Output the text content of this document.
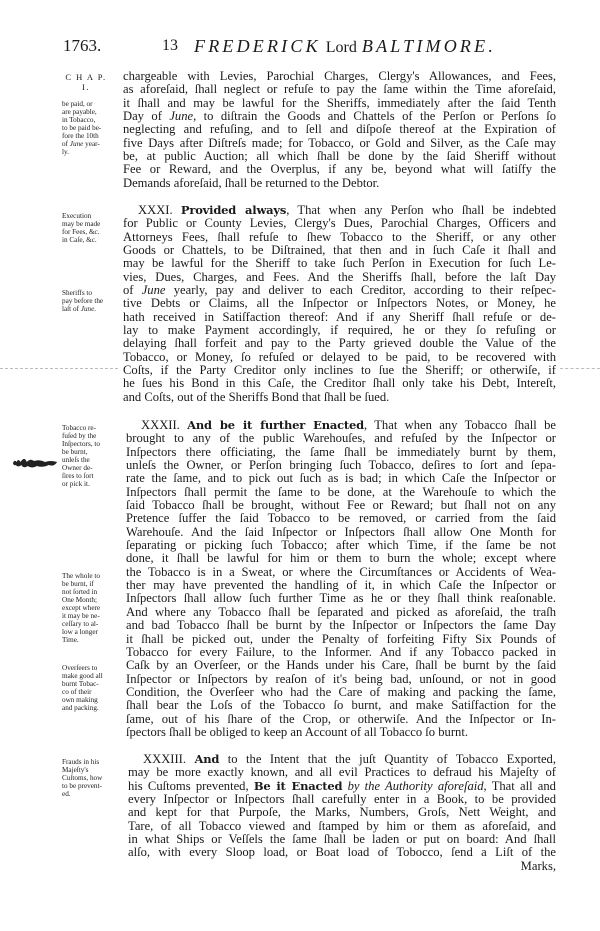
1763.	13 FREDERICK Lord BALTIMORE.
C H A P.
I.
be paid, or
are payable,
in Tobacco,
to be paid be-
fore the 10th
of June year-
ly.
Execution
may be made
for Fees, &c.
in Caſe, &c.
Sheriffs to
pay before the
laſt of June.
Tobacco re-
fuſed by the
Inſpectors, to
be burnt,
unleſs the
Owner de-
ſires to ſort
or pick it.
The whole to
be burnt, if
not ſorted in
One Month;
except where
it may be ne-
ceſſary to al-
low a longer
Time.
Overſeers to
make good all
burnt Tobac-
co of their
own making
and packing.
Frauds in his
Majeſty's
Cuſtoms, how
to be prevent-
ed.
chargeable with Levies, Parochial Charges, Clergy's Allowances, and Fees,
as aforeſaid, ſhall neglect or refuſe to pay the ſame within the Time aforeſaid,
it ſhall and may be lawful for the Sheriffs, immediately after the ſaid Tenth
Day of June, to diſtrain the Goods and Chattels of the Perſon or Perſons ſo
neglecting and refuſing, and to ſell and diſpoſe thereof at the Expiration of
five Days after Diſtreſs made; for Tobacco, or Gold and Silver, as the Caſe may
be, at public Auction; all which ſhall be done by the ſaid Sheriff without
Fee or Reward, and the Overplus, if any be, beyond what will ſatiſfy the
Demands aforeſaid, ſhall be returned to the Debtor.
XXXI. Provided always, That when any Perſon who ſhall be indebted
for Public or County Levies, Clergy's Dues, Parochial Charges, Officers and
Attorneys Fees, ſhall refuſe to ſhew Tobacco to the Sheriff, or any other
Goods or Chattels, to be Diſtrained, that then and in ſuch Caſe it ſhall and
may be lawful for the Sheriff to take ſuch Perſon in Execution for ſuch Le-
vies, Dues, Charges, and Fees. And the Sheriffs ſhall, before the laſt Day
of June yearly, pay and deliver to each Creditor, according to their reſpec-
tive Debts or Claims, all the Inſpector or Inſpectors Notes, or Money, he
hath received in Satiſfaction thereof: And if any Sheriff ſhall refuſe or de-
lay to make Payment accordingly, if required, he or they ſo refuſing or
delaying ſhall forfeit and pay to the Party grieved double the Value of the
Tobacco, or Money, ſo refuſed or delayed to be paid, to be recovered with
Coſts, if the Party Creditor only inclines to ſue the Sheriff; or otherwiſe, if
he ſues his Bond in this Caſe, the Creditor ſhall only take his Debt, Intereſt,
and Coſts, out of the Sheriffs Bond that ſhall be ſued.
XXXII. And be it further Enacted, That when any Tobacco ſhall be
brought to any of the public Warehouſes, and refuſed by the Inſpector or
Inſpectors there officiating, the ſame ſhall be immediately burnt by them,
unleſs the Owner, or Perſon bringing ſuch Tobacco, deſires to ſort and ſepa-
rate the ſame, and to pick out ſuch as is bad; in which Caſe the Inſpector or
Inſpectors ſhall permit the ſame to be done, at the Warehouſe to which the
ſaid Tobacco ſhall be brought, without Fee or Reward; but ſhall not on any
Pretence ſuffer the ſaid Tobacco to be removed, or carried from the ſaid
Warehouſe. And the ſaid Inſpector or Inſpectors ſhall allow One Month for
ſeparating or picking ſuch Tobacco; after which Time, if the ſame be not
done, it ſhall be lawful for him or them to burn the whole; except where
the Tobacco is in a Sweat, or where the Circumſtances or Accidents of Wea-
ther may have prevented the handling of it, in which Caſe the Inſpector or
Inſpectors ſhall allow ſuch further Time as he or they ſhall think reaſonable.
And where any Tobacco ſhall be ſeparated and picked as aforeſaid, the traſh
and bad Tobacco ſhall be burnt by the Inſpector or Inſpectors the ſame Day
it ſhall be picked out, under the Penalty of forfeiting Fifty Six Pounds of
Tobacco for every Failure, to the Informer. And if any Tobacco packed in
Caſk by an Overſeer, or the Hands under his Care, ſhall be burnt by the ſaid
Inſpector or Inſpectors by reaſon of it's being bad, unſound, or not in good
Condition, the Overſeer who had the Care of making and packing the ſame,
ſhall bear the Loſs of the Tobacco ſo burnt, and make Satiſfaction for the
ſame, out of his ſhare of the Crop, or otherwiſe. And the Inſpector or In-
ſpectors ſhall be obliged to keep an Account of all Tobacco ſo burnt.
XXXIII. And to the Intent that the juſt Quantity of Tobacco Exported,
may be more exactly known, and all evil Practices to defraud his Majeſty of
his Cuſtoms prevented, Be it Enacted by the Authority aforeſaid, That all and
every Inſpector or Inſpectors ſhall carefully enter in a Book, to be provided
and kept for that Purpoſe, the Marks, Numbers, Groſs, Nett Weight, and
Tare, of all Tobacco viewed and ſtamped by him or them as aforeſaid, and
in what Ships or Veſſels the ſame ſhall be laden or put on board: And ſhall
alſo, with every Sloop load, or Boat load of Tobocco, ſend a Liſt of the
Marks,
